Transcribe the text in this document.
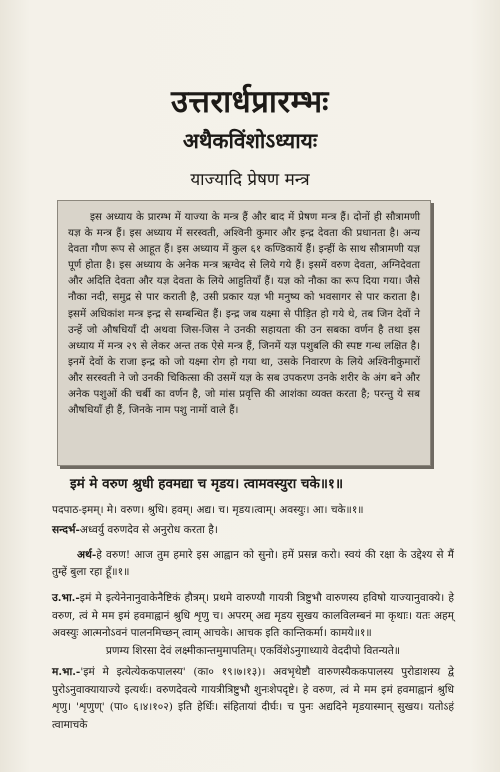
उत्तरार्धप्रारम्भः
अथैकविंशोऽध्यायः
याज्यादि प्रेषण मन्त्र

इस अध्याय के प्रारम्भ में याज्या के मन्त्र हैं और बाद में प्रेषण मन्त्र हैं। दोनों ही सौत्रामणी यज्ञ के मन्त्र हैं। इस अध्याय में सरस्वती, अश्विनी कुमार और इन्द्र देवता की प्रधानता है। अन्य देवता गौण रूप से आहूत हैं। इस अध्याय में कुल ६१ कण्डिकायें हैं। इन्हीं के साथ सौत्रामणी यज्ञ पूर्ण होता है। इस अध्याय के अनेक मन्त्र ऋग्वेद से लिये गये हैं। इसमें वरुण देवता, अग्निदेवता और अदिति देवता और यज्ञ देवता के लिये आहुतियाँ हैं। यज्ञ को नौका का रूप दिया गया। जैसे नौका नदी, समुद्र से पार कराती है, उसी प्रकार यज्ञ भी मनुष्य को भवसागर से पार कराता है। इसमें अधिकांश मन्त्र इन्द्र से सम्बन्धित हैं। इन्द्र जब यक्ष्मा से पीड़ित हो गये थे, तब जिन देवों ने उन्हें जो औषधियाँ दी अथवा जिस-जिस ने उनकी सहायता की उन सबका वर्णन है तथा इस अध्याय में मन्त्र २९ से लेकर अन्त तक ऐसे मन्त्र हैं, जिनमें यज्ञ पशुबलि की स्पष्ट गन्ध लक्षित है। इनमें देवों के राजा इन्द्र को जो यक्ष्मा रोग हो गया था, उसके निवारण के लिये अश्विनीकुमारों और सरस्वती ने जो उनकी चिकित्सा की उसमें यज्ञ के सब उपकरण उनके शरीर के अंग बने और अनेक पशुओं की चर्बी का वर्णन है, जो मांस प्रवृत्ति की आशंका व्यक्त करता है; परन्तु ये सब औषधियाँ ही हैं, जिनके नाम पशु नामों वाले हैं।

इमं मे वरुण श्रुधी हवमद्या च मृडय। त्वामवस्युरा चके॥१॥
पदपाठ-इमम्। मे। वरुण। श्रुधि। हवम्। अद्य। च। मृडय।त्वाम्। अवस्युः। आ। चके॥१॥
सन्दर्भ-अध्वर्यु वरुणदेव से अनुरोध करता है।
अर्थ-हे वरुण! आज तुम हमारे इस आह्वान को सुनो। हमें प्रसन्न करो। स्वयं की रक्षा के उद्देश्य से मैं तुम्हें बुला रहा हूँ॥१॥
उ.भा.-इमं मे इत्येनेनानुवाकेनैष्टिकं हौत्रम्। प्रथमे वारुण्यौ गायत्री त्रिष्टुभौ वारुणस्य हविषो याज्यानुवाक्ये। हे वरुण, त्वं मे मम इमं हवमाह्वानं श्रुधि शृणु च। अपरम् अद्य मृडय सुखय कालविलम्बनं मा कृथाः। यतः अहम् अवस्युः आत्मनोऽवनं पालनमिच्छन् त्वाम् आचके। आचक इति कान्तिकर्मा। कामये॥१॥
प्रणम्य शिरसा देवं लक्ष्मीकान्तमुमापतिम्। एकविंशेऽनुगाध्याये वेददीपो वितन्यते॥
म.भा.-'इमं मे इत्येत्येककपालस्य' (का० १९।७।१३)। अवभृथेष्टौ वारुणस्यैककपालस्य पुरोडाशस्य द्वे पुरोऽनुवाक्यायाज्ये इत्यर्थः। वरुणदेवत्ये गायत्रीत्रिष्टुभौ शुनःशेपदृष्टे। हे वरुण, त्वं मे मम इमं हवमाह्वानं श्रुधि शृणु। 'शृणुण्' (पा० ६।४।१०२) इति हेर्धिः। संहितायां दीर्घः। च पुनः अद्यदिने मृडयास्मान् सुखय। यतोऽहं त्वामाचके
